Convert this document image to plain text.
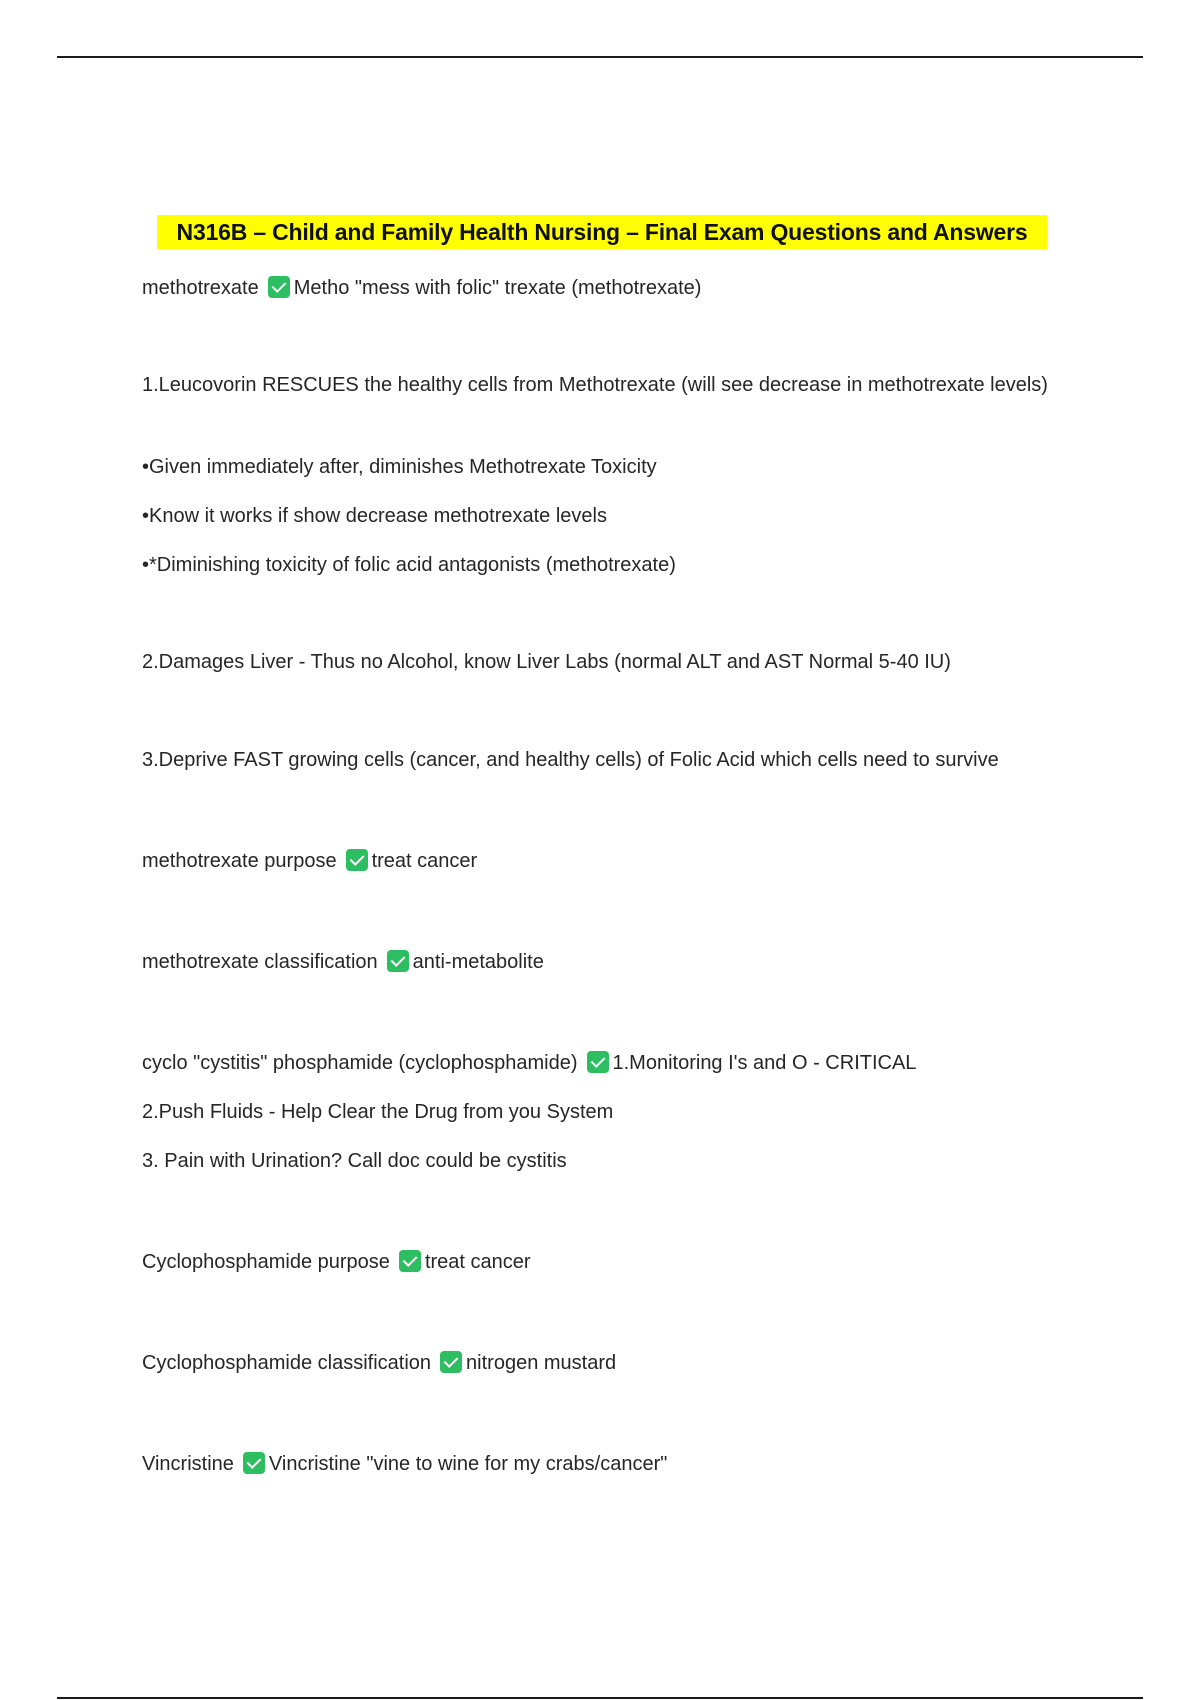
N316B – Child and Family Health Nursing – Final Exam Questions and Answers
methotrexate Metho "mess with folic" trexate (methotrexate)
1.Leucovorin RESCUES the healthy cells from Methotrexate (will see decrease in methotrexate levels)
•Given immediately after, diminishes Methotrexate Toxicity
•Know it works if show decrease methotrexate levels
•*Diminishing toxicity of folic acid antagonists (methotrexate)
2.Damages Liver - Thus no Alcohol, know Liver Labs (normal ALT and AST Normal 5-40 IU)
3.Deprive FAST growing cells (cancer, and healthy cells) of Folic Acid which cells need to survive
methotrexate purpose treat cancer
methotrexate classification anti-metabolite
cyclo "cystitis" phosphamide (cyclophosphamide) 1.Monitoring I's and O - CRITICAL
2.Push Fluids - Help Clear the Drug from you System
3. Pain with Urination? Call doc could be cystitis
Cyclophosphamide purpose treat cancer
Cyclophosphamide classification nitrogen mustard
Vincristine Vincristine "vine to wine for my crabs/cancer"
